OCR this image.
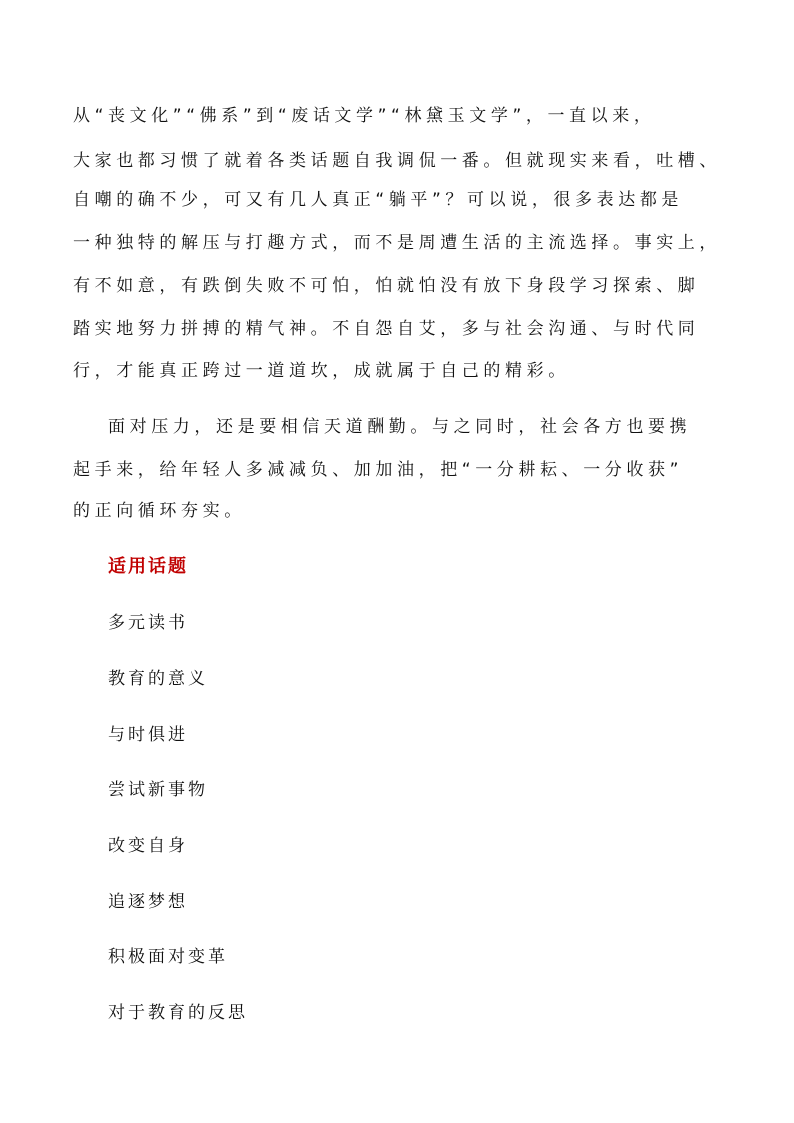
从“丧文化”“佛系”到“废话文学”“林黛玉文学”，一直以来，
大家也都习惯了就着各类话题自我调侃一番。但就现实来看，吐槽、
自嘲的确不少，可又有几人真正“躺平”？可以说，很多表达都是
一种独特的解压与打趣方式，而不是周遭生活的主流选择。事实上，
有不如意，有跌倒失败不可怕，怕就怕没有放下身段学习探索、脚
踏实地努力拼搏的精气神。不自怨自艾，多与社会沟通、与时代同
行，才能真正跨过一道道坎，成就属于自己的精彩。
面对压力，还是要相信天道酬勤。与之同时，社会各方也要携
起手来，给年轻人多减减负、加加油，把“一分耕耘、一分收获”
的正向循环夯实。
适用话题
多元读书
教育的意义
与时俱进
尝试新事物
改变自身
追逐梦想
积极面对变革
对于教育的反思
